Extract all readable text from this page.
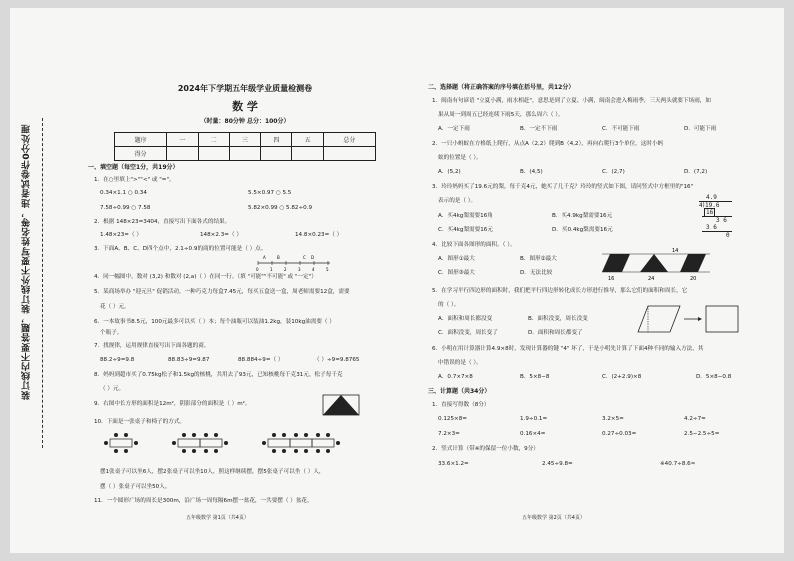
装订线内不要答题，装订线外不要写姓名等，违者试卷作0分处理
2024年下学期五年级学业质量检测卷
数 学
（时量：80分钟 总分：100分）
题序	一	二	三	四	五	总分
得分						
一、填空题（每空1分，共19分）
1．在○里填上">""<" 或 "="。
0.34×1.1 ○ 0.34	5.5×0.97 ○ 5.5
7.58÷0.99 ○ 7.58	5.82×0.99 ○ 5.82÷0.9
2．根据 148×23=3404，直接写出下面各式的结果。
1.48×23=（ ）	148×2.3=（ ）	14.8×0.23=（ ）
3．下面A、B、C、D四个点中，2.1÷0.9的商的位置可能是（ ）点。
0	1	2	3	4	5
A	B	C D
4．同一幅图中，数对 (3,2) 和数对 (2,a)（ ）在同一行。（填 "可能""不可能" 或 "一定"）
5．某商场举办 "迎元旦" 促销活动，一种巧克力每盒7.45元，每买五盒送一盒，周老师需要12盒，需要
花（ ）元。
6．一本故事书8.5元，100元最多可以买（ ）本；每个油瓶可以装油1.2kg，装10kg油需要（ ）
个瓶子。
7．找规律，运用规律直接写出下面各题的商。
88.2÷9=9.8	88.83÷9=9.87	88.884÷9=（ ）	（ ）÷9=9.8765
8．妈妈到超市买了0.75kg松子和1.5kg的核桃，共用去了93元，已知核桃每千克31元，松子每千克
（ ）元。
9．右图中长方形的面积是12m²，阴影部分的面积是（ ）m²。
10．下面是一张桌子和椅子的方式。
摆1张桌子可以坐6人，摆2张桌子可以坐10人，照这样继续摆，摆5张桌子可以坐（ ）人，
摆（ ）张桌子可以坐50人。
11．一个圆形广场的周长是300m，沿广场一周每隔6m摆一盆花，一共要摆（ ）盆花。
五年级数学 第1页（共4页）
二、选择题（将正确答案的序号填在括号里，共12分）
1．闽南有句谚语 "立夏小满，雨水相赶"，意思是到了立夏、小满，闽南会进入梅雨季，三天两头就要下场雨，如
果从周一到周五已经连续下雨5天，那么周六（ ）。
A．一定下雨	B．一定不下雨	C．不可能下雨	D．可能下雨
2．一只小蚂蚁在方格纸上爬行，从点A（2,2）爬到B（4,2），再向右爬行3个单位，这时小蚂
蚁的位置是（ ）。
A．(5,2)	B．(4,5)	C．(2,7)	D．(7,2)
3．玲玲妈妈买了19.6元的梨，每千克4元，她买了几千克？玲玲的竖式如下图，请问竖式中方框里的"16"
表示的是（ ）。
A．买4kg梨需要16角	B．买4.9kg梨需要16元
C．买4kg梨需要16元	D．买0.4kg梨需要16元
4.9
4⟌19.6
16
3 6
3 6
0
4．比较下面各图形的面积。（ ）。
A．图形①最大	B．图形②最大
C．图形③最大	D．无法比较
14
16	24	20
5．在学习平行四边形的面积时，我们把平行四边形转化成长方形进行推导，那么它们的面积和周长，它
的（ ）。
A．面积和周长都没变	B．面积没变，周长没变
C．面积没变，周长变了	D．面积和周长都变了
6．小明在用计算器计算4.9×8时，发现计算器的键 "4" 坏了，于是小明先计算了下面4种不同的输入方法，其
中错误的是（ ）。
A．0.7×7×8	B．5×8−8	C．(2+2.9)×8	D．5×8−0.8
三、计算题（共34分）
1．直接写得数（8分）
0.125×8=	1.9÷0.1=	3.2×5=	4.2÷7=
7.2×3=	0.16×4=	0.27÷0.03=	2.5−2.5÷5=
2．竖式计算（带※的保留一位小数，9分）
33.6×1.2=	2.45÷9.8=	※40.7÷8.6≈
五年级数学 第2页（共4页）
